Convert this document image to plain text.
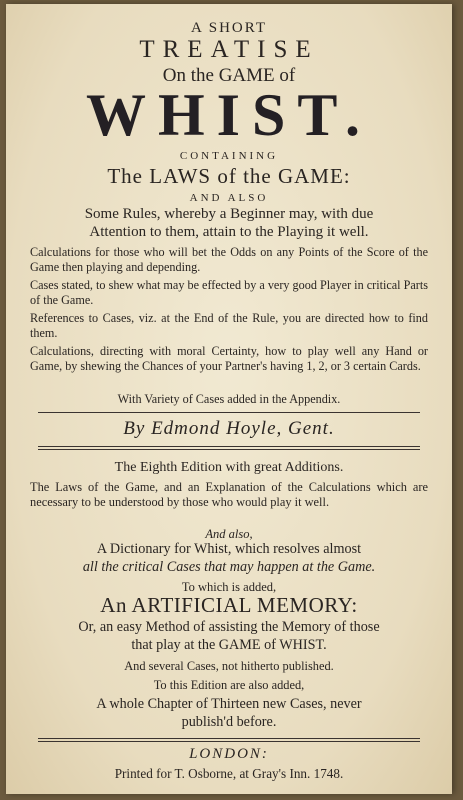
A SHORT
TREATISE
On the GAME of
WHIST.
CONTAINING
The LAWS of the GAME:
AND ALSO
Some Rules, whereby a Beginner may, with due
Attention to them, attain to the Playing it well.
Calculations for those who will bet the Odds on any Points of the Score of the Game then playing and depending.
Cases stated, to shew what may be effected by a very good Player in critical Parts of the Game.
References to Cases, viz. at the End of the Rule, you are directed how to find them.
Calculations, directing with moral Certainty, how to play well any Hand or Game, by shewing the Chances of your Partner's having 1, 2, or 3 certain Cards.
With Variety of Cases added in the Appendix.
By Edmond Hoyle, Gent.
The Eighth Edition with great Additions.
The Laws of the Game, and an Explanation of the Calculations which are necessary to be understood by those who would play it well.
And also,
A Dictionary for Whist, which resolves almost
all the critical Cases that may happen at the Game.
To which is added,
An ARTIFICIAL MEMORY:
Or, an easy Method of assisting the Memory of those
that play at the GAME of WHIST.
And several Cases, not hitherto published.
To this Edition are also added,
A whole Chapter of Thirteen new Cases, never
publish'd before.
LONDON:
Printed for T. Osborne, at Gray's Inn. 1748.
